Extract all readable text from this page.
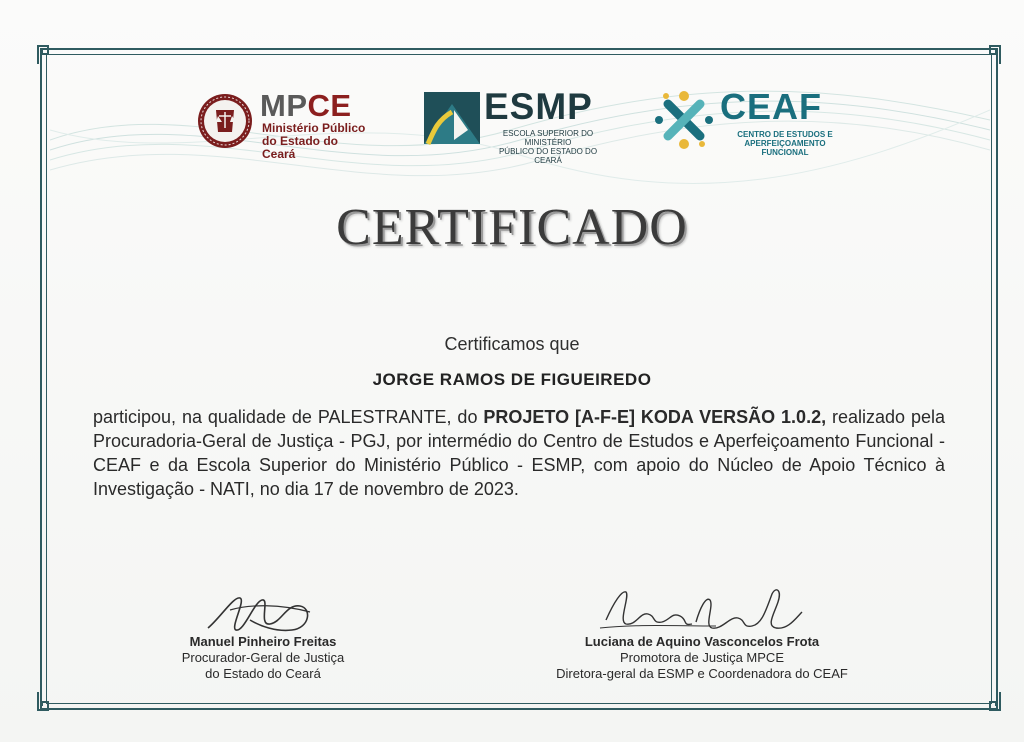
MPCE
Ministério Público
do Estado do Ceará
ESMP
ESCOLA SUPERIOR DO MINISTÉRIO
PÚBLICO DO ESTADO DO CEARÁ
CEAF
CENTRO DE ESTUDOS E
APERFEIÇOAMENTO FUNCIONAL
CERTIFICADO
Certificamos que
JORGE RAMOS DE FIGUEIREDO
participou, na qualidade de PALESTRANTE, do PROJETO [A-F-E] KODA VERSÃO 1.0.2, realizado pela Procuradoria-Geral de Justiça - PGJ, por intermédio do Centro de Estudos e Aperfeiçoamento Funcional - CEAF e da Escola Superior do Ministério Público - ESMP, com apoio do Núcleo de Apoio Técnico à Investigação - NATI, no dia 17 de novembro de 2023.
Manuel Pinheiro Freitas
Procurador-Geral de Justiça
do Estado do Ceará
Luciana de Aquino Vasconcelos Frota
Promotora de Justiça MPCE
Diretora-geral da ESMP e Coordenadora do CEAF
